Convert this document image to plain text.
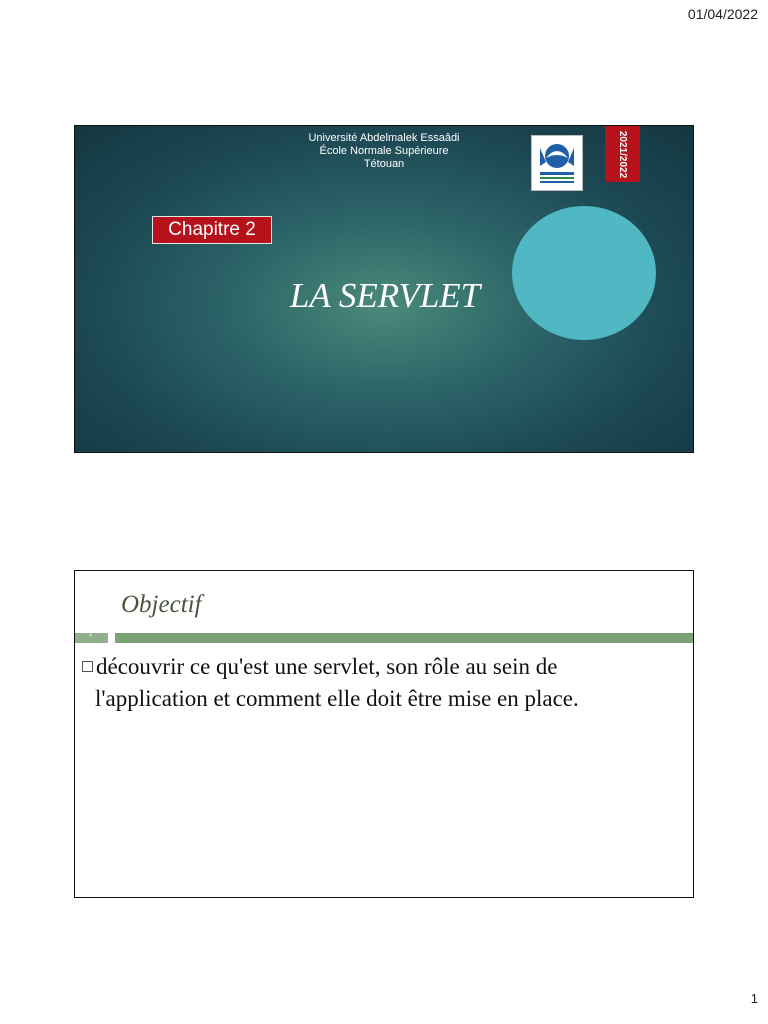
01/04/2022
Université Abdelmalek Essaâdi
École Normale Supérieure
Tétouan	2021/2022
Chapitre 2
LA SERVLET
Objectif
2
découvrir ce qu'est une servlet, son rôle au sein de
l'application et comment elle doit être mise en place.
1
